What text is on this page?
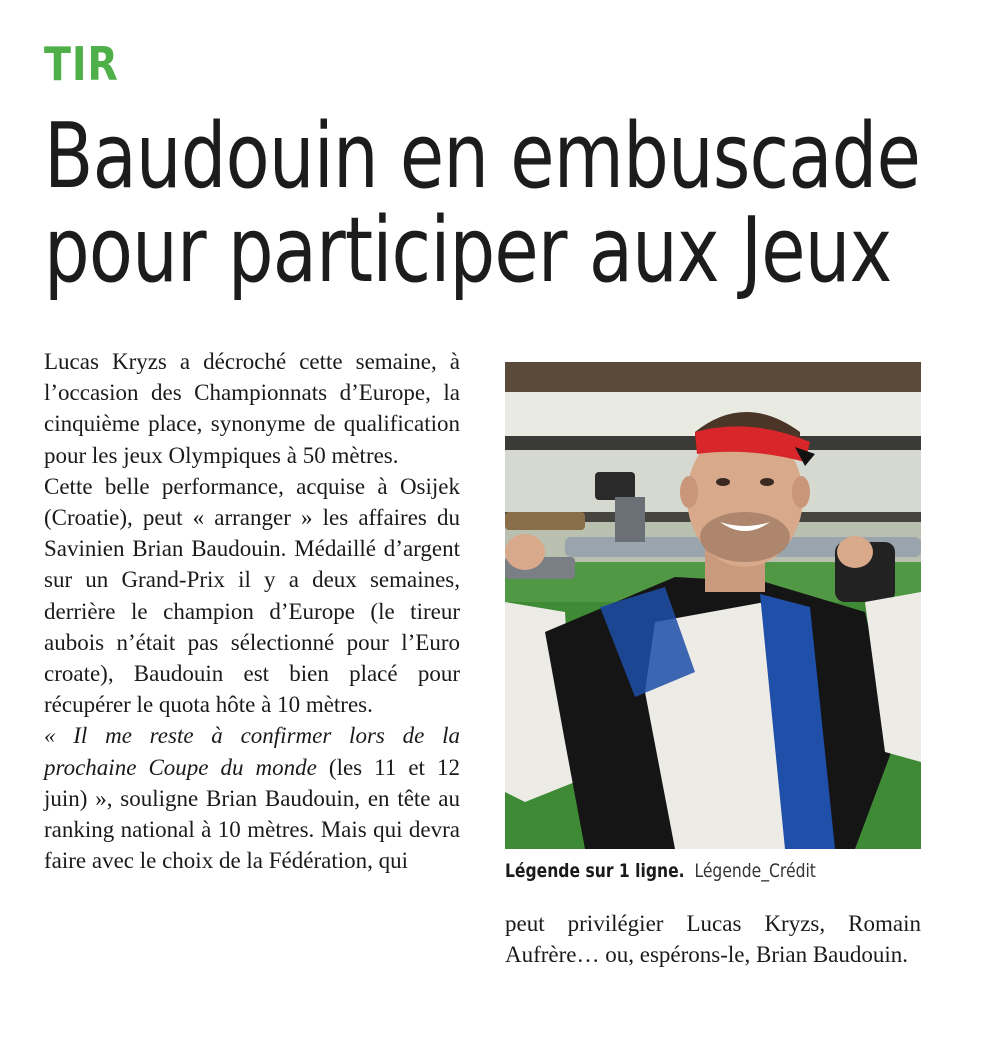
TIR
Baudouin en embuscade
pour participer aux Jeux

Lucas Kryzs a décroché cette semaine, à l’occasion des Championnats d’Europe, la cinquième place, synonyme de qualification pour les jeux Olympiques à 50 mètres.

Cette belle performance, acquise à Osijek (Croatie), peut « arranger » les affaires du Savinien Brian Baudouin. Médaillé d’argent sur un Grand-Prix il y a deux semaines, derrière le champion d’Europe (le tireur aubois n’était pas sélectionné pour l’Euro croate), Baudouin est bien placé pour récupérer le quota hôte à 10 mètres.

« Il me reste à confirmer lors de la prochaine Coupe du monde (les 11 et 12 juin) », souligne Brian Baudouin, en tête au ranking national à 10 mètres. Mais qui devra faire avec le choix de la Fédération, qui	Légende sur 1 ligne. Légende_Crédit

peut privilégier Lucas Kryzs, Romain Aufrère… ou, espérons-le, Brian Baudouin.
